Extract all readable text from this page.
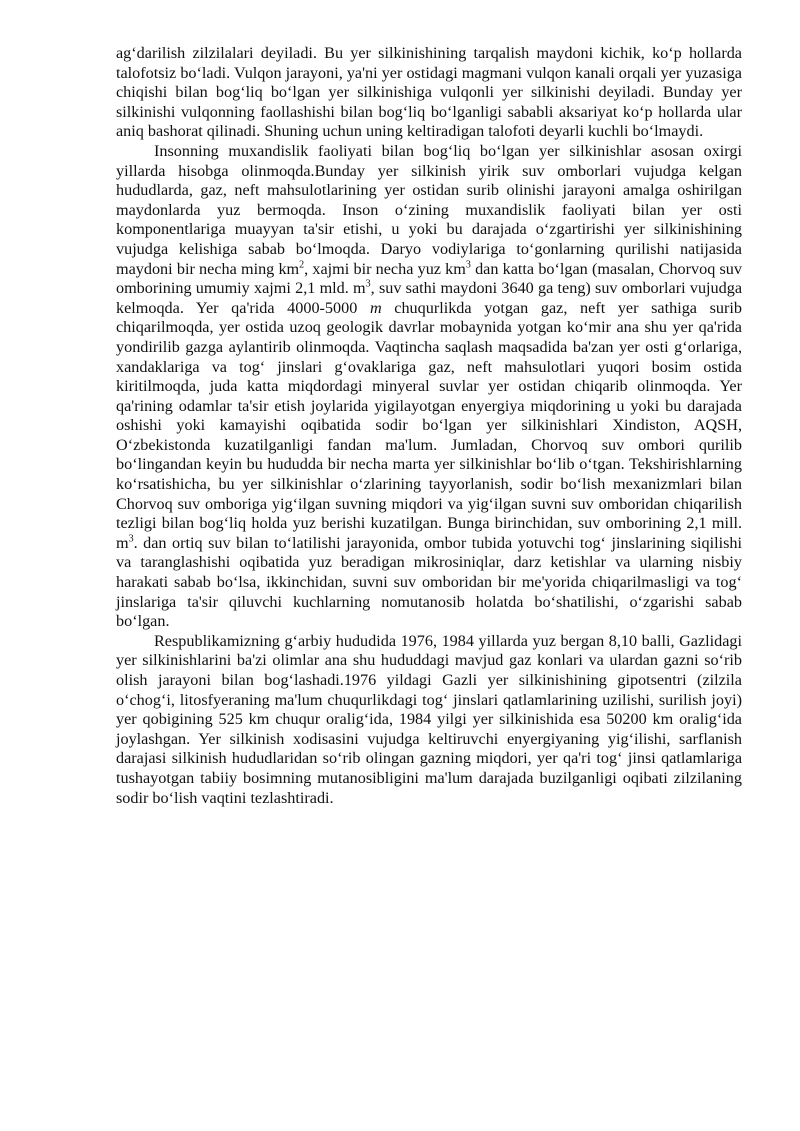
ag‘darilish zilzilalari deyiladi. Bu yer silkinishining tarqalish maydoni kichik, ko‘p hollarda talofotsiz bo‘ladi. Vulqon jarayoni, ya'ni yer ostidagi magmani vulqon kanali orqali yer yuzasiga chiqishi bilan bog‘liq bo‘lgan yer silkinishiga vulqonli yer silkinishi deyiladi. Bunday yer silkinishi vulqonning faollashishi bilan bog‘liq bo‘lganligi sababli aksariyat ko‘p hollarda ular aniq bashorat qilinadi. Shuning uchun uning keltiradigan talofoti deyarli kuchli bo‘lmaydi.

Insonning muxandislik faoliyati bilan bog‘liq bo‘lgan yer silkinishlar asosan oxirgi yillarda hisobga olinmoqda.Bunday yer silkinish yirik suv omborlari vujudga kelgan hududlarda, gaz, neft mahsulotlarining yer ostidan surib olinishi jarayoni amalga oshirilgan maydonlarda yuz bermoqda. Inson o‘zining muxandislik faoliyati bilan yer osti komponentlariga muayyan ta'sir etishi, u yoki bu darajada o‘zgartirishi yer silkinishining vujudga kelishiga sabab bo‘lmoqda. Daryo vodiylariga to‘gonlarning qurilishi natijasida maydoni bir necha ming $km^2$, xajmi bir necha yuz $km^3$ dan katta bo‘lgan (masalan, Chorvoq suv omborining umumiy xajmi 2,1 mld. $m^3$, suv sathi maydoni 3640 ga teng) suv omborlari vujudga kelmoqda. Yer qa'rida 4000-5000 m chuqurlikda yotgan gaz, neft yer sathiga surib chiqarilmoqda, yer ostida uzoq geologik davrlar mobaynida yotgan ko‘mir ana shu yer qa'rida yondirilib gazga aylantirib olinmoqda. Vaqtincha saqlash maqsadida ba'zan yer osti g‘orlariga, xandaklariga va tog‘ jinslari g‘ovaklariga gaz, neft mahsulotlari yuqori bosim ostida kiritilmoqda, juda katta miqdordagi minyeral suvlar yer ostidan chiqarib olinmoqda. Yer qa'rining odamlar ta'sir etish joylarida yigilayotgan enyergiya miqdorining u yoki bu darajada oshishi yoki kamayishi oqibatida sodir bo‘lgan yer silkinishlari Xindiston, AQSH, O‘zbekistonda kuzatilganligi fandan ma'lum. Jumladan, Chorvoq suv ombori qurilib bo‘lingandan keyin bu hududda bir necha marta yer silkinishlar bo‘lib o‘tgan. Tekshirishlarning ko‘rsatishicha, bu yer silkinishlar o‘zlarining tayyorlanish, sodir bo‘lish mexanizmlari bilan Chorvoq suv omboriga yig‘ilgan suvning miqdori va yig‘ilgan suvni suv omboridan chiqarilish tezligi bilan bog‘liq holda yuz berishi kuzatilgan. Bunga birinchidan, suv omborining 2,1 mill. $m^3$. dan ortiq suv bilan to‘latilishi jarayonida, ombor tubida yotuvchi tog‘ jinslarining siqilishi va taranglashishi oqibatida yuz beradigan mikrosiniqlar, darz ketishlar va ularning nisbiy harakati sabab bo‘lsa, ikkinchidan, suvni suv omboridan bir me'yorida chiqarilmasligi va tog‘ jinslariga ta'sir qiluvchi kuchlarning nomutanosib holatda bo‘shatilishi, o‘zgarishi sabab bo‘lgan.

Respublikamizning g‘arbiy hududida 1976, 1984 yillarda yuz bergan 8,10 balli, Gazlidagi yer silkinishlarini ba'zi olimlar ana shu hududdagi mavjud gaz konlari va ulardan gazni so‘rib olish jarayoni bilan bog‘lashadi.1976 yildagi Gazli yer silkinishining gipotsentri (zilzila o‘chog‘i, litosfyeraning ma'lum chuqurlikdagi tog‘ jinslari qatlamlarining uzilishi, surilish joyi) yer qobigining 525 km chuqur oralig‘ida, 1984 yilgi yer silkinishida esa 50200 km oralig‘ida joylashgan. Yer silkinish xodisasini vujudga keltiruvchi enyergiyaning yig‘ilishi, sarflanish darajasi silkinish hududlaridan so‘rib olingan gazning miqdori, yer qa'ri tog‘ jinsi qatlamlariga tushayotgan tabiiy bosimning mutanosibligini ma'lum darajada buzilganligi oqibati zilzilaning sodir bo‘lish vaqtini tezlashtiradi.
